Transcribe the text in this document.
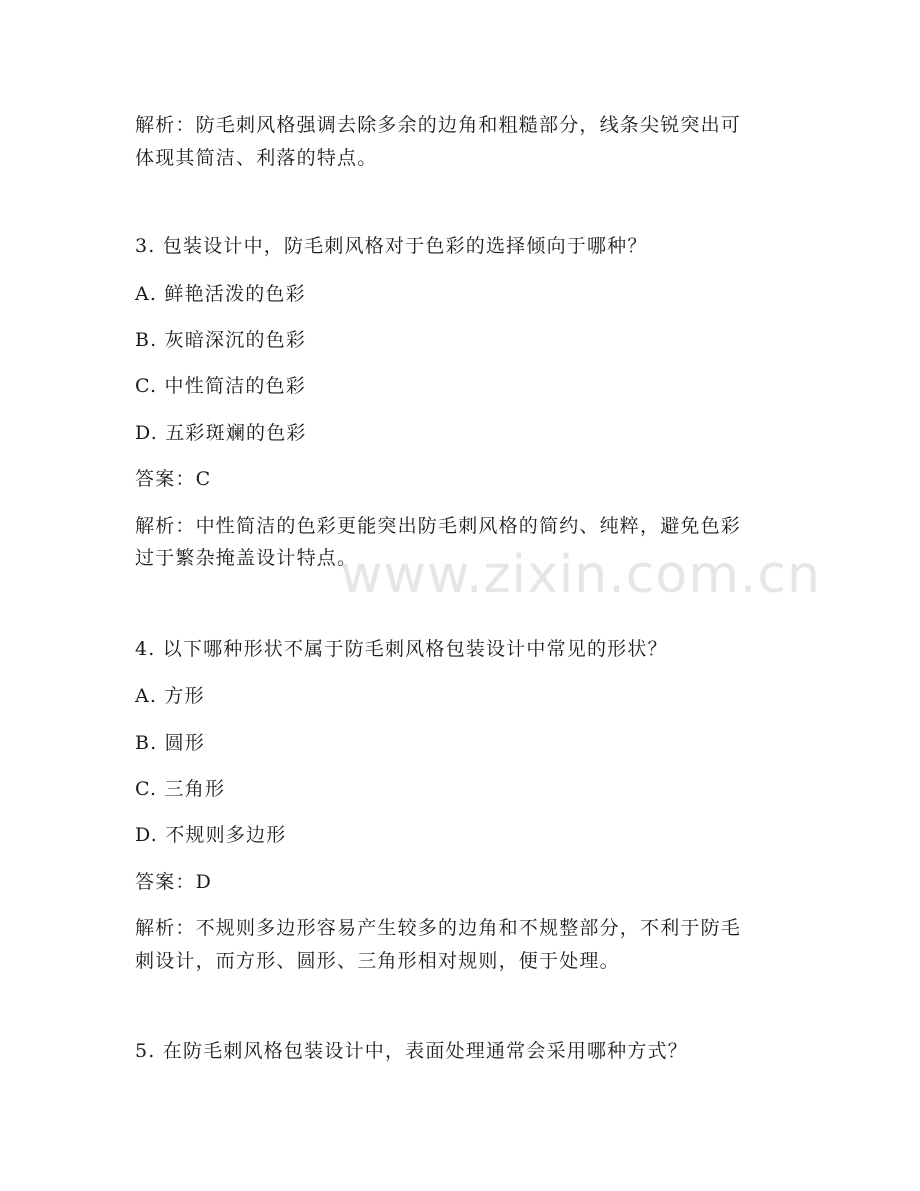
www.zixin.com.cn
解析：防毛刺风格强调去除多余的边角和粗糙部分，线条尖锐突出可
体现其简洁、利落的特点。
3. 包装设计中，防毛刺风格对于色彩的选择倾向于哪种？
A. 鲜艳活泼的色彩
B. 灰暗深沉的色彩
C. 中性简洁的色彩
D. 五彩斑斓的色彩
答案：C
解析：中性简洁的色彩更能突出防毛刺风格的简约、纯粹，避免色彩
过于繁杂掩盖设计特点。
4. 以下哪种形状不属于防毛刺风格包装设计中常见的形状？
A. 方形
B. 圆形
C. 三角形
D. 不规则多边形
答案：D
解析：不规则多边形容易产生较多的边角和不规整部分，不利于防毛
刺设计，而方形、圆形、三角形相对规则，便于处理。
5. 在防毛刺风格包装设计中，表面处理通常会采用哪种方式？
